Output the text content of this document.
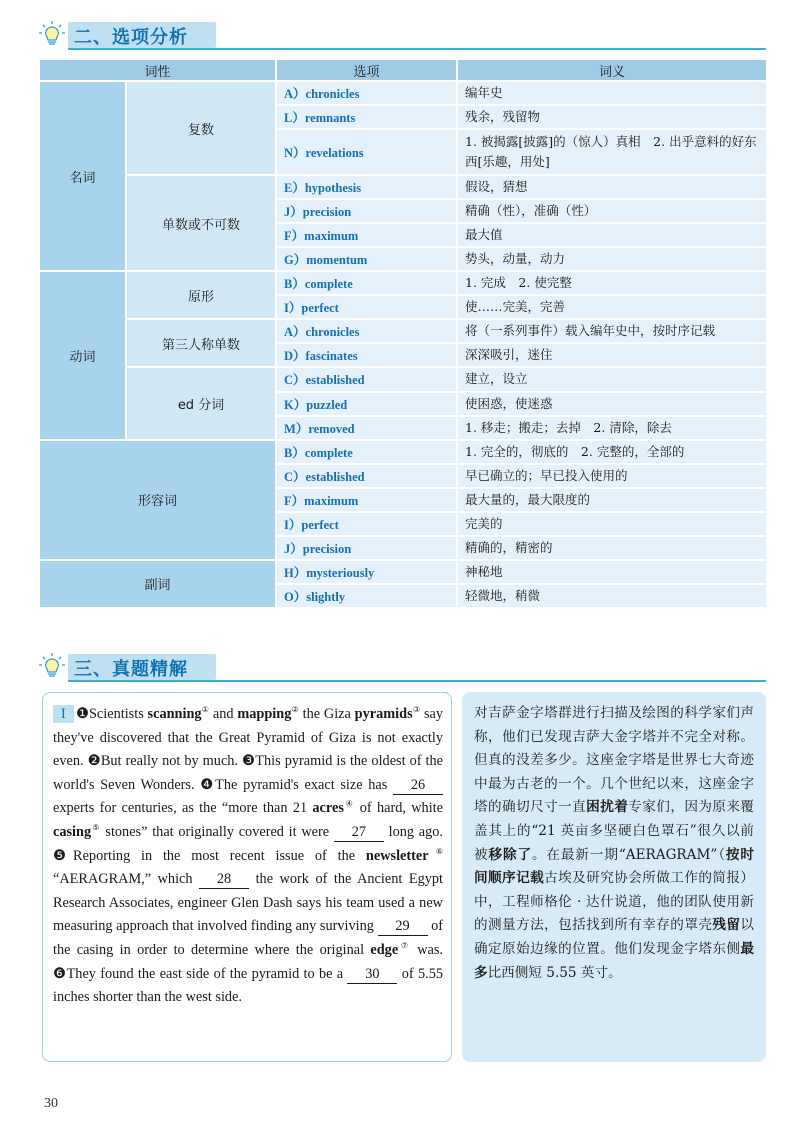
二、选项分析
词性		选项	词义
名词	复数	A）chronicles	编年史
		L）remnants	残余，残留物
		N）revelations	1. 被揭露[披露]的（惊人）真相　2. 出乎意料的好东西[乐趣，用处]
	单数或不可数	E）hypothesis	假设，猜想
		J）precision	精确（性），准确（性）
		F）maximum	最大值
		G）momentum	势头，动量，动力
动词	原形	B）complete	1. 完成　2. 使完整
		I）perfect	使……完美，完善
	第三人称单数	A）chronicles	将（一系列事件）载入编年史中，按时序记载
		D）fascinates	深深吸引，迷住
	ed 分词	C）established	建立，设立
		K）puzzled	使困惑，使迷惑
		M）removed	1. 移走；搬走；去掉　2. 清除，除去
形容词		B）complete	1. 完全的，彻底的　2. 完整的，全部的
		C）established	早已确立的；早已投入使用的
		F）maximum	最大量的，最大限度的
		I）perfect	完美的
		J）precision	精确的，精密的
副词		H）mysteriously	神秘地
		O）slightly	轻微地，稍微
三、真题精解
I ❶Scientists scanning① and mapping② the Giza pyramids③ say they've discovered that the Great Pyramid of Giza is not exactly even. ❷But really not by much. ❸This pyramid is the oldest of the world's Seven Wonders. ❹The pyramid's exact size has 26 experts for centuries, as the “more than 21 acres④ of hard, white casing⑤ stones” that originally covered it were 27 long ago. ❺Reporting in the most recent issue of the newsletter⑥ “AERAGRAM,” which 28 the work of the Ancient Egypt Research Associates, engineer Glen Dash says his team used a new measuring approach that involved finding any surviving 29 of the casing in order to determine where the original edge⑦ was. ❻They found the east side of the pyramid to be a 30 of 5.55 inches shorter than the west side.
对吉萨金字塔群进行扫描及绘图的科学家们声称，他们已发现吉萨大金字塔并不完全对称。但真的没差多少。这座金字塔是世界七大奇迹中最为古老的一个。几个世纪以来，这座金字塔的确切尺寸一直困扰着专家们，因为原来覆盖其上的“21 英亩多坚硬白色罩石”很久以前被移除了。在最新一期“AERAGRAM”（按时间顺序记载古埃及研究协会所做工作的简报）中，工程师格伦 · 达什说道，他的团队使用新的测量方法，包括找到所有幸存的罩壳残留以确定原始边缘的位置。他们发现金字塔东侧最多比西侧短 5.55 英寸。
30
